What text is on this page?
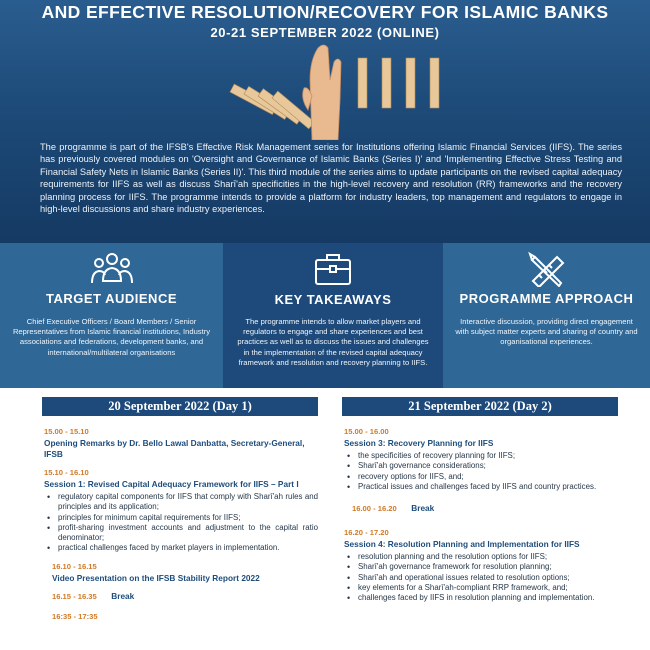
AND EFFECTIVE RESOLUTION/RECOVERY FOR ISLAMIC BANKS
20-21 SEPTEMBER 2022 (ONLINE)

The programme is part of the IFSB's Effective Risk Management series for Institutions offering Islamic Financial Services (IIFS). The series has previously covered modules on 'Oversight and Governance of Islamic Banks (Series I)' and 'Implementing Effective Stress Testing and Financial Safety Nets in Islamic Banks (Series II)'. This third module of the series aims to update participants on the revised capital adequacy requirements for IIFS as well as discuss Sharī'ah specificities in the high-level recovery and resolution (RR) frameworks and the recovery planning process for IIFS. The programme intends to provide a platform for industry leaders, top management and regulators to engage in high-level discussions and share industry experiences.

TARGET AUDIENCE
Chief Executive Officers / Board Members / Senior Representatives from Islamic financial institutions, Industry associations and federations, development banks, and international/multilateral organisations
KEY TAKEAWAYS
The programme intends to allow market players and regulators to engage and share experiences and best practices as well as to discuss the issues and challenges in the implementation of the revised capital adequacy framework and resolution and recovery planning to IIFS.
PROGRAMME APPROACH
Interactive discussion, providing direct engagement with subject matter experts and sharing of country and organisational experiences.
20 September 2022 (Day 1)
15.00 - 15.10
Opening Remarks by Dr. Bello Lawal Danbatta, Secretary-General, IFSB
15.10 - 16.10
Session 1: Revised Capital Adequacy Framework for IIFS – Part I
• regulatory capital components for IIFS that comply with Sharī'ah rules and principles and its application;
• principles for minimum capital requirements for IIFS;
• profit-sharing investment accounts and adjustment to the capital ratio denominator;
• practical challenges faced by market players in implementation.
16.10 - 16.15
Video Presentation on the IFSB Stability Report 2022
16.15 - 16.35 Break
16:35 - 17:35
21 September 2022 (Day 2)
15.00 - 16.00
Session 3: Recovery Planning for IIFS
• the specificities of recovery planning for IIFS;
• Sharī'ah governance considerations;
• recovery options for IIFS, and;
• Practical issues and challenges faced by IIFS and country practices.
16.00 - 16.20 Break
16.20 - 17.20
Session 4: Resolution Planning and Implementation for IIFS
• resolution planning and the resolution options for IIFS;
• Sharī'ah governance framework for resolution planning;
• Sharī'ah and operational issues related to resolution options;
• key elements for a Sharī'ah-compliant RRP framework, and;
• challenges faced by IIFS in resolution planning and implementation.
